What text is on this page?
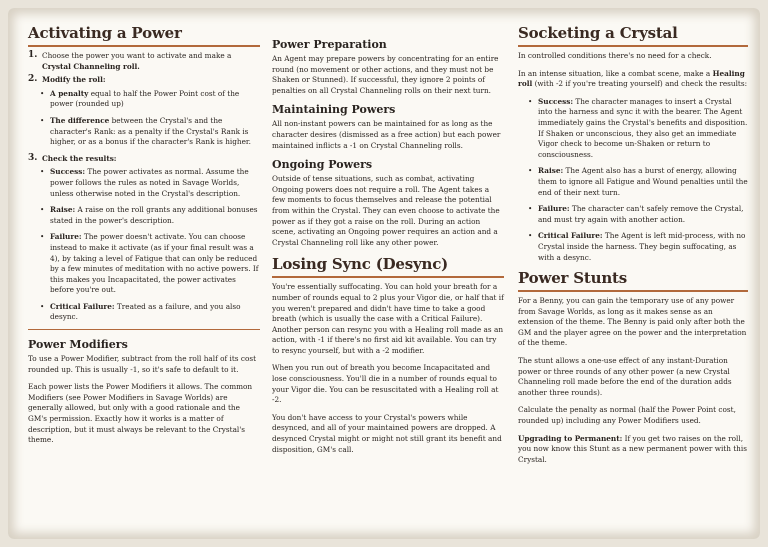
Activating a Power
1. Choose the power you want to activate and make a Crystal Channeling roll.
2. Modify the roll:
• A penalty equal to half the Power Point cost of the power (rounded up)
• The difference between the Crystal's and the character's Rank: as a penalty if the Crystal's Rank is higher, or as a bonus if the character's Rank is higher.
3. Check the results:
• Success: The power activates as normal. Assume the power follows the rules as noted in Savage Worlds, unless otherwise noted in the Crystal's description.
• Raise: A raise on the roll grants any additional bonuses stated in the power's description.
• Failure: The power doesn't activate. You can choose instead to make it activate (as if your final result was a 4), by taking a level of Fatigue that can only be reduced by a few minutes of meditation with no active powers. If this makes you Incapacitated, the power activates before you're out.
• Critical Failure: Treated as a failure, and you also desync.
Power Modifiers

To use a Power Modifier, subtract from the roll half of its cost rounded up. This is usually -1, so it's safe to default to it.

Each power lists the Power Modifiers it allows. The common Modifiers (see Power Modifiers in Savage Worlds) are generally allowed, but only with a good rationale and the GM's permission. Exactly how it works is a matter of description, but it must always be relevant to the Crystal's theme.

Power Preparation

An Agent may prepare powers by concentrating for an entire round (no movement or other actions, and they must not be Shaken or Stunned). If successful, they ignore 2 points of penalties on all Crystal Channeling rolls on their next turn.

Maintaining Powers

All non-instant powers can be maintained for as long as the character desires (dismissed as a free action) but each power maintained inflicts a -1 on Crystal Channeling rolls.

Ongoing Powers

Outside of tense situations, such as combat, activating Ongoing powers does not require a roll. The Agent takes a few moments to focus themselves and release the potential from within the Crystal. They can even choose to activate the power as if they got a raise on the roll. During an action scene, activating an Ongoing power requires an action and a Crystal Channeling roll like any other power.

Losing Sync (Desync)

You're essentially suffocating. You can hold your breath for a number of rounds equal to 2 plus your Vigor die, or half that if you weren't prepared and didn't have time to take a good breath (which is usually the case with a Critical Failure). Another person can resync you with a Healing roll made as an action, with -1 if there's no first aid kit available. You can try to resync yourself, but with a -2 modifier.

When you run out of breath you become Incapacitated and lose consciousness. You'll die in a number of rounds equal to your Vigor die. You can be resuscitated with a Healing roll at -2.

You don't have access to your Crystal's powers while desynced, and all of your maintained powers are dropped. A desynced Crystal might or might not still grant its benefit and disposition, GM's call.

Socketing a Crystal

In controlled conditions there's no need for a check.

In an intense situation, like a combat scene, make a Healing roll (with -2 if you're treating yourself) and check the results:

• Success: The character manages to insert a Crystal into the harness and sync it with the bearer. The Agent immediately gains the Crystal's benefits and disposition. If Shaken or unconscious, they also get an immediate Vigor check to become un-Shaken or return to consciousness.
• Raise: The Agent also has a burst of energy, allowing them to ignore all Fatigue and Wound penalties until the end of their next turn.
• Failure: The character can't safely remove the Crystal, and must try again with another action.
• Critical Failure: The Agent is left mid-process, with no Crystal inside the harness. They begin suffocating, as with a desync.
Power Stunts

For a Benny, you can gain the temporary use of any power from Savage Worlds, as long as it makes sense as an extension of the theme. The Benny is paid only after both the GM and the player agree on the power and the interpretation of the theme.

The stunt allows a one-use effect of any instant-Duration power or three rounds of any other power (a new Crystal Channeling roll made before the end of the duration adds another three rounds).

Calculate the penalty as normal (half the Power Point cost, rounded up) including any Power Modifiers used.

Upgrading to Permanent: If you get two raises on the roll, you now know this Stunt as a new permanent power with this Crystal.
